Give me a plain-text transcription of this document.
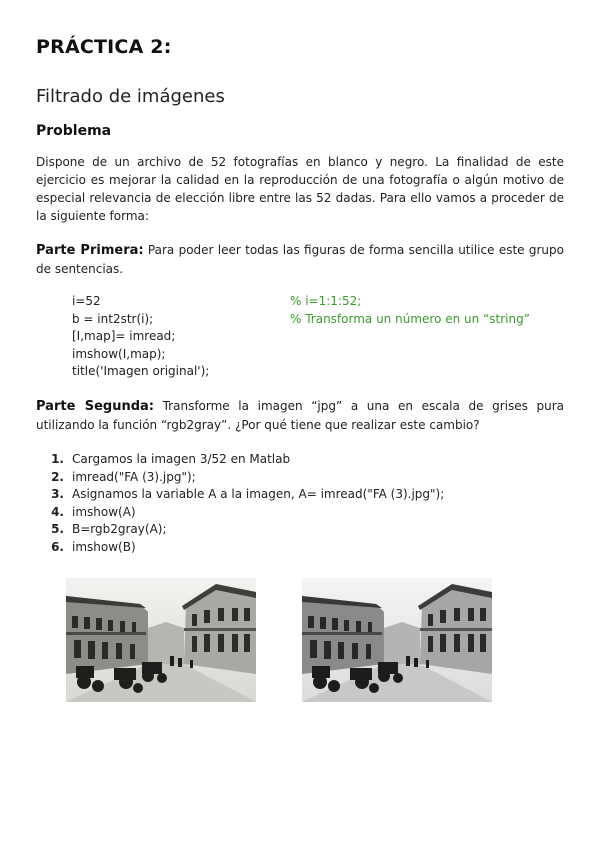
PRÁCTICA 2:
Filtrado de imágenes
Problema

Dispone de un archivo de 52 fotografías en blanco y negro. La finalidad de este ejercicio es mejorar la calidad en la reproducción de una fotografía o algún motivo de especial relevancia de elección libre entre las 52 dadas. Para ello vamos a proceder de la siguiente forma:

Parte Primera: Para poder leer todas las figuras de forma sencilla utilice este grupo de sentencias.

i=52	% i=1:1:52;
b = int2str(i);	% Transforma un número en un “string”
[I,map]= imread;
imshow(I,map);
title('Imagen original');

Parte Segunda: Transforme la imagen “jpg” a una en escala de grises pura utilizando la función “rgb2gray”. ¿Por qué tiene que realizar este cambio?

1. Cargamos la imagen 3/52 en Matlab
2. imread("FA (3).jpg");
3. Asignamos la variable A a la imagen, A= imread("FA (3).jpg");
4. imshow(A)
5. B=rgb2gray(A);
6. imshow(B)
